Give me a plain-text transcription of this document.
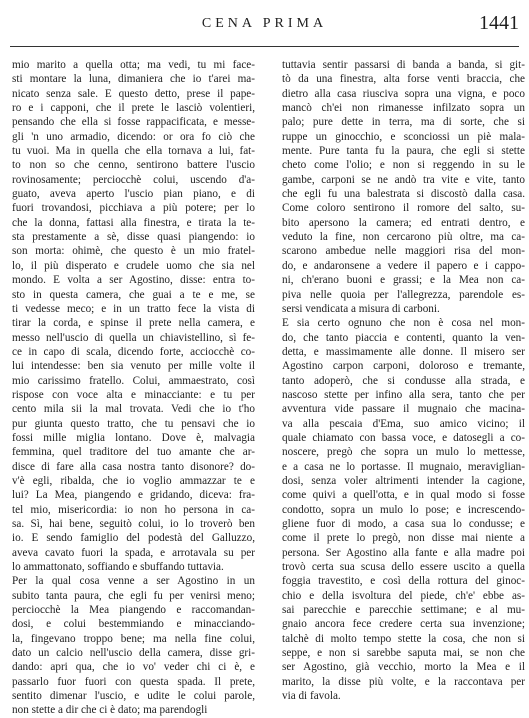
CENA PRIMA	1441
mio marito a quella otta; ma vedi, tu mi face-
sti montare la luna, dimaniera che io t'arei ma-
nicato senza sale. E questo detto, prese il pape-
ro e i capponi, che il prete le lasciò volentieri,
pensando che ella si fosse rappacificata, e messe-
gli 'n uno armadio, dicendo: or ora fo ciò che
tu vuoi. Ma in quella che ella tornava a lui, fat-
to non so che cenno, sentirono battere l'uscio
rovinosamente; perciocchè colui, uscendo d'a-
guato, aveva aperto l'uscio pian piano, e di
fuori trovandosi, picchiava a più potere; per lo
che la donna, fattasi alla finestra, e tirata la te-
sta prestamente a sè, disse quasi piangendo: io
son morta: ohimè, che questo è un mio fratel-
lo, il più disperato e crudele uomo che sia nel
mondo. E volta a ser Agostino, disse: entra to-
sto in questa camera, che guai a te e me, se
ti vedesse meco; e in un tratto fece la vista di
tirar la corda, e spinse il prete nella camera, e
messo nell'uscio di quella un chiavistellino, sì fe-
ce in capo di scala, dicendo forte, acciocchè co-
lui intendesse: ben sia venuto per mille volte il
mio carissimo fratello. Colui, ammaestrato, così
rispose con voce alta e minacciante: e tu per
cento mila sii la mal trovata. Vedi che io t'ho
pur giunta questo tratto, che tu pensavi che io
fossi mille miglia lontano. Dove è, malvagia
femmina, quel traditore del tuo amante che ar-
disce di fare alla casa nostra tanto disonore? do-
v'è egli, ribalda, che io voglio ammazzar te e
lui? La Mea, piangendo e gridando, diceva: fra-
tel mio, misericordia: io non ho persona in ca-
sa. Sì, hai bene, seguitò colui, io lo troverò ben
io. E sendo famiglio del podestà del Galluzzo,
aveva cavato fuori la spada, e arrotavala su per
lo ammattonato, soffiando e sbuffando tuttavia.
Per la qual cosa venne a ser Agostino in un
subito tanta paura, che egli fu per venirsi meno;
perciocchè la Mea piangendo e raccomandan-
dosi, e colui bestemmiando e minacciando-
la, fingevano troppo bene; ma nella fine colui,
dato un calcio nell'uscio della camera, disse gri-
dando: apri qua, che io vo' veder chi ci è, e
passarlo fuor fuori con questa spada. Il prete,
sentito dimenar l'uscio, e udite le colui parole,
non stette a dir che ci è dato; ma parendogli
tuttavia sentir passarsi di banda a banda, si git-
tò da una finestra, alta forse venti braccia, che
dietro alla casa riusciva sopra una vigna, e poco
mancò ch'ei non rimanesse infilzato sopra un
palo; pure dette in terra, ma di sorte, che si
ruppe un ginocchio, e sconciossi un piè mala-
mente. Pure tanta fu la paura, che egli si stette
cheto come l'olio; e non si reggendo in su le
gambe, carponi se ne andò tra vite e vite, tanto
che egli fu una balestrata si discostò dalla casa.
Come coloro sentirono il romore del salto, su-
bito apersono la camera; ed entrati dentro, e
veduto la fine, non cercarono più oltre, ma ca-
scarono ambedue nelle maggiori risa del mon-
do, e andaronsene a vedere il papero e i cappo-
ni, ch'erano buoni e grassi; e la Mea non ca-
piva nelle quoia per l'allegrezza, parendole es-
sersi vendicata a misura di carboni.
E sia certo ognuno che non è cosa nel mon-
do, che tanto piaccia e contenti, quanto la ven-
detta, e massimamente alle donne. Il misero ser
Agostino carpon carponi, doloroso e tremante,
tanto adoperò, che si condusse alla strada, e
nascoso stette per infino alla sera, tanto che per
avventura vide passare il mugnaio che macina-
va alla pescaia d'Ema, suo amico vicino; il
quale chiamato con bassa voce, e datosegli a co-
noscere, pregò che sopra un mulo lo mettesse,
e a casa ne lo portasse. Il mugnaio, meraviglian-
dosi, senza voler altrimenti intender la cagione,
come quivi a quell'otta, e in qual modo si fosse
condotto, sopra un mulo lo pose; e increscendo-
gliene fuor di modo, a casa sua lo condusse; e
come il prete lo pregò, non disse mai niente a
persona. Ser Agostino alla fante e alla madre poi
trovò certa sua scusa dello essere uscito a quella
foggia travestito, e così della rottura del ginoc-
chio e della isvoltura del piede, ch'e' ebbe as-
sai parecchie e parecchie settimane; e al mu-
gnaio ancora fece credere certa sua invenzione;
talchè di molto tempo stette la cosa, che non si
seppe, e non si sarebbe saputa mai, se non che
ser Agostino, già vecchio, morto la Mea e il
marito, la disse più volte, e la raccontava per
via di favola.
